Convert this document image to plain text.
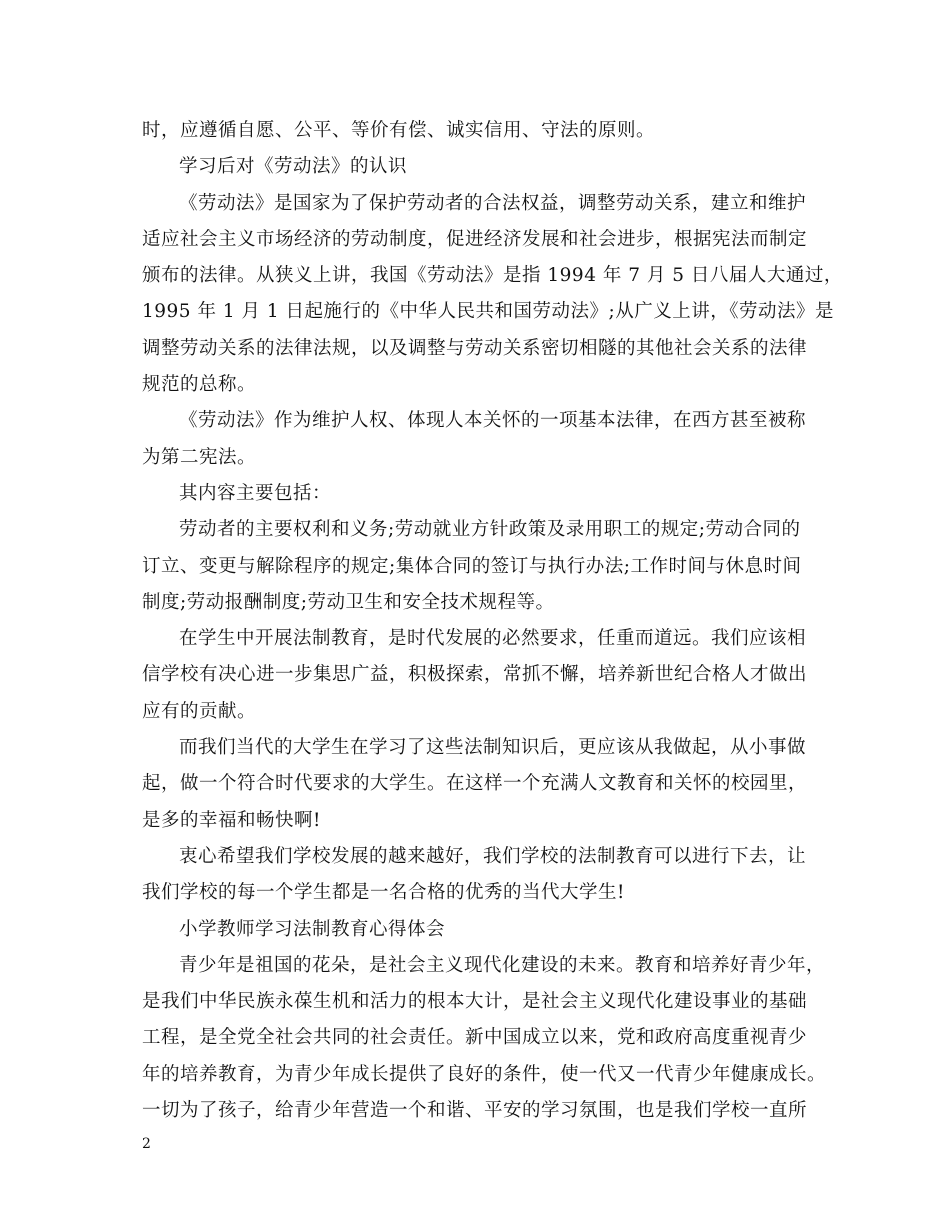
时，应遵循自愿、公平、等价有偿、诚实信用、守法的原则。
学习后对《劳动法》的认识
《劳动法》是国家为了保护劳动者的合法权益，调整劳动关系，建立和维护
适应社会主义市场经济的劳动制度，促进经济发展和社会进步，根据宪法而制定
颁布的法律。从狭义上讲，我国《劳动法》是指 1994 年 7 月 5 日八届人大通过，
1995 年 1 月 1 日起施行的《中华人民共和国劳动法》;从广义上讲，《劳动法》是
调整劳动关系的法律法规，以及调整与劳动关系密切相隧的其他社会关系的法律
规范的总称。
《劳动法》作为维护人权、体现人本关怀的一项基本法律，在西方甚至被称
为第二宪法。
其内容主要包括：
劳动者的主要权利和义务;劳动就业方针政策及录用职工的规定;劳动合同的
订立、变更与解除程序的规定;集体合同的签订与执行办法;工作时间与休息时间
制度;劳动报酬制度;劳动卫生和安全技术规程等。
在学生中开展法制教育，是时代发展的必然要求，任重而道远。我们应该相
信学校有决心进一步集思广益，积极探索，常抓不懈，培养新世纪合格人才做出
应有的贡献。
而我们当代的大学生在学习了这些法制知识后，更应该从我做起，从小事做
起，做一个符合时代要求的大学生。在这样一个充满人文教育和关怀的校园里，
是多的幸福和畅快啊!
衷心希望我们学校发展的越来越好，我们学校的法制教育可以进行下去，让
我们学校的每一个学生都是一名合格的优秀的当代大学生!
小学教师学习法制教育心得体会
青少年是祖国的花朵，是社会主义现代化建设的未来。教育和培养好青少年，
是我们中华民族永葆生机和活力的根本大计，是社会主义现代化建设事业的基础
工程，是全党全社会共同的社会责任。新中国成立以来，党和政府高度重视青少
年的培养教育，为青少年成长提供了良好的条件，使一代又一代青少年健康成长。
一切为了孩子，给青少年营造一个和谐、平安的学习氛围，也是我们学校一直所
2
